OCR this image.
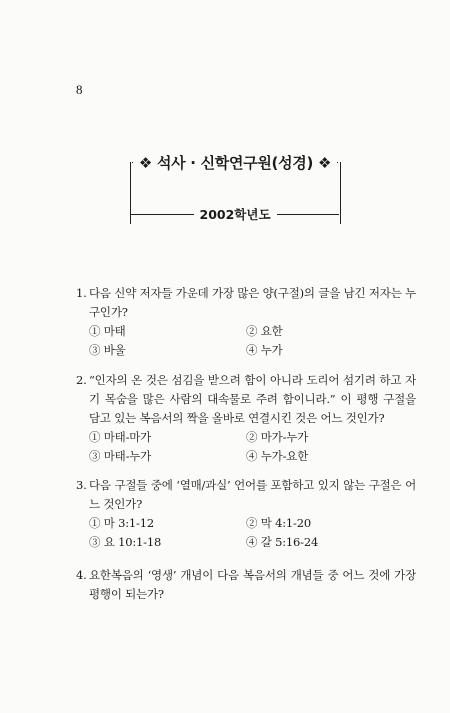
8
❖ 석사 · 신학연구원(성경) ❖
2002학년도
1. 다음 신약 저자들 가운데 가장 많은 양(구절)의 글을 남긴 저자는 누구인가?
① 마태	② 요한
③ 바울	④ 누가
2. “인자의 온 것은 섬김을 받으려 함이 아니라 도리어 섬기려 하고 자기 목숨을 많은 사람의 대속물로 주려 함이니라.” 이 평행 구절을 담고 있는 복음서의 짝을 올바로 연결시킨 것은 어느 것인가?
① 마태-마가	② 마가-누가
③ 마태-누가	④ 누가-요한
3. 다음 구절들 중에 ‘열매/과실’ 언어를 포함하고 있지 않는 구절은 어느 것인가?
① 마 3:1-12	② 막 4:1-20
③ 요 10:1-18	④ 갈 5:16-24
4. 요한복음의 ‘영생’ 개념이 다음 복음서의 개념들 중 어느 것에 가장 평행이 되는가?
